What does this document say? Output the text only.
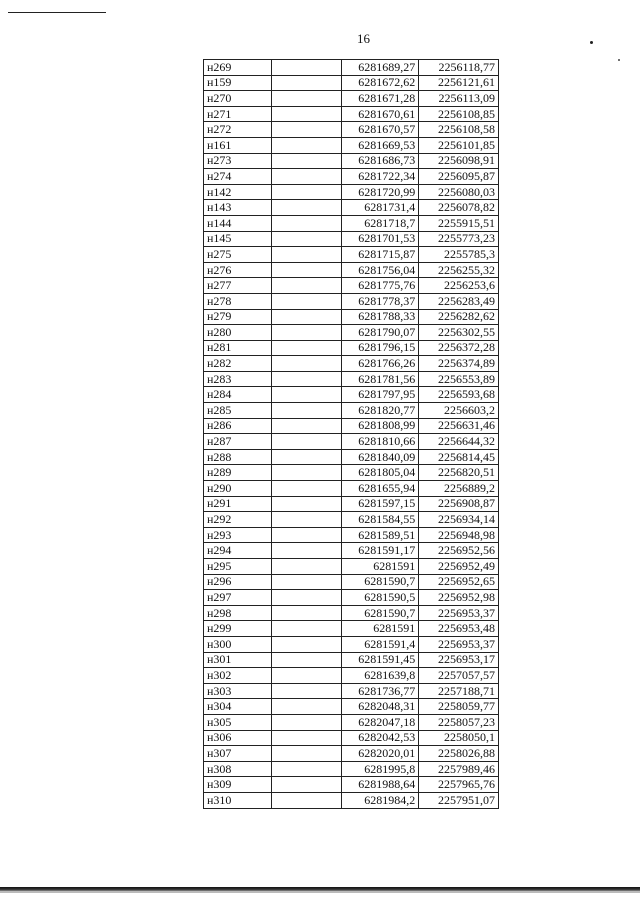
16
н269		6281689,27	2256118,77
н159		6281672,62	2256121,61
н270		6281671,28	2256113,09
н271		6281670,61	2256108,85
н272		6281670,57	2256108,58
н161		6281669,53	2256101,85
н273		6281686,73	2256098,91
н274		6281722,34	2256095,87
н142		6281720,99	2256080,03
н143		6281731,4	2256078,82
н144		6281718,7	2255915,51
н145		6281701,53	2255773,23
н275		6281715,87	2255785,3
н276		6281756,04	2256255,32
н277		6281775,76	2256253,6
н278		6281778,37	2256283,49
н279		6281788,33	2256282,62
н280		6281790,07	2256302,55
н281		6281796,15	2256372,28
н282		6281766,26	2256374,89
н283		6281781,56	2256553,89
н284		6281797,95	2256593,68
н285		6281820,77	2256603,2
н286		6281808,99	2256631,46
н287		6281810,66	2256644,32
н288		6281840,09	2256814,45
н289		6281805,04	2256820,51
н290		6281655,94	2256889,2
н291		6281597,15	2256908,87
н292		6281584,55	2256934,14
н293		6281589,51	2256948,98
н294		6281591,17	2256952,56
н295		6281591	2256952,49
н296		6281590,7	2256952,65
н297		6281590,5	2256952,98
н298		6281590,7	2256953,37
н299		6281591	2256953,48
н300		6281591,4	2256953,37
н301		6281591,45	2256953,17
н302		6281639,8	2257057,57
н303		6281736,77	2257188,71
н304		6282048,31	2258059,77
н305		6282047,18	2258057,23
н306		6282042,53	2258050,1
н307		6282020,01	2258026,88
н308		6281995,8	2257989,46
н309		6281988,64	2257965,76
н310		6281984,2	2257951,07
